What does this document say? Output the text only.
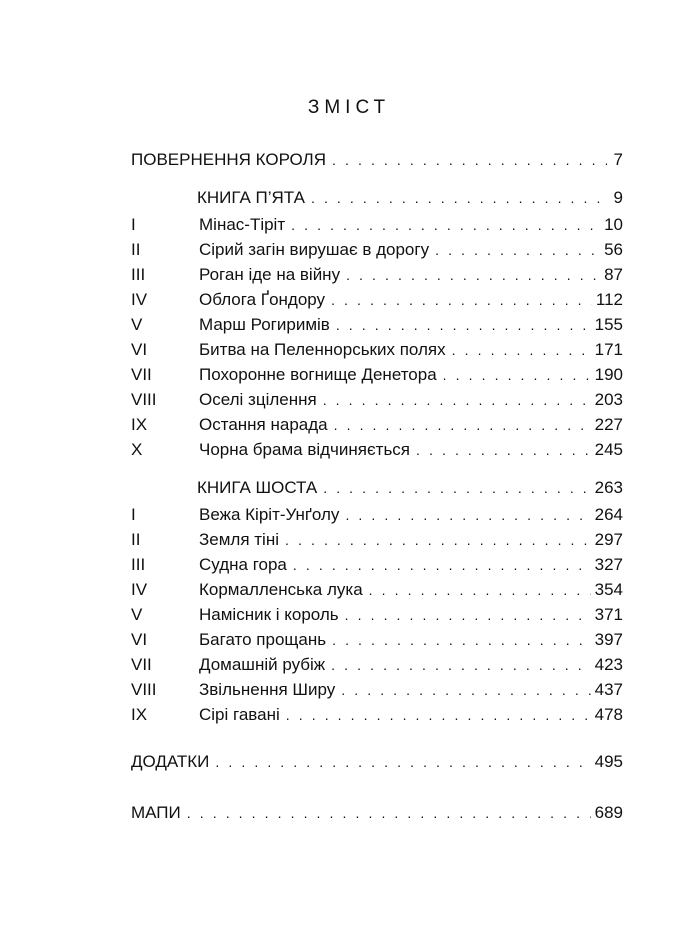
ЗМІСТ
ПОВЕРНЕННЯ КОРОЛЯ . . .	7
КНИГА П’ЯТА . . .	9
I	Мінас-Тіріт . . .	10
II	Сірий загін вирушає в дорогу . . .	56
III	Роган іде на війну . . .	87
IV	Облога Ґондору . . .	112
V	Марш Рогиримів . . .	155
VI	Битва на Пеленнорських полях . . .	171
VII	Похоронне вогнище Денетора . . .	190
VIII Оселі зцілення . . .	203
IX	Остання нарада . . .	227
X	Чорна брама відчиняється . . .	245
КНИГА ШОСТА . . .	263
I	Вежа Кіріт-Унґолу . . .	264
II	Земля тіні . . .	297
III	Судна гора . . .	327
IV	Кормалленська лука . . .	354
V	Намісник і король . . .	371
VI	Багато прощань . . .	397
VII	Домашній рубіж . . .	423
VIII Звільнення Ширу . . .	437
IX	Сірі гавані . . .	478
ДОДАТКИ . . .	495
МАПИ . . .	689
